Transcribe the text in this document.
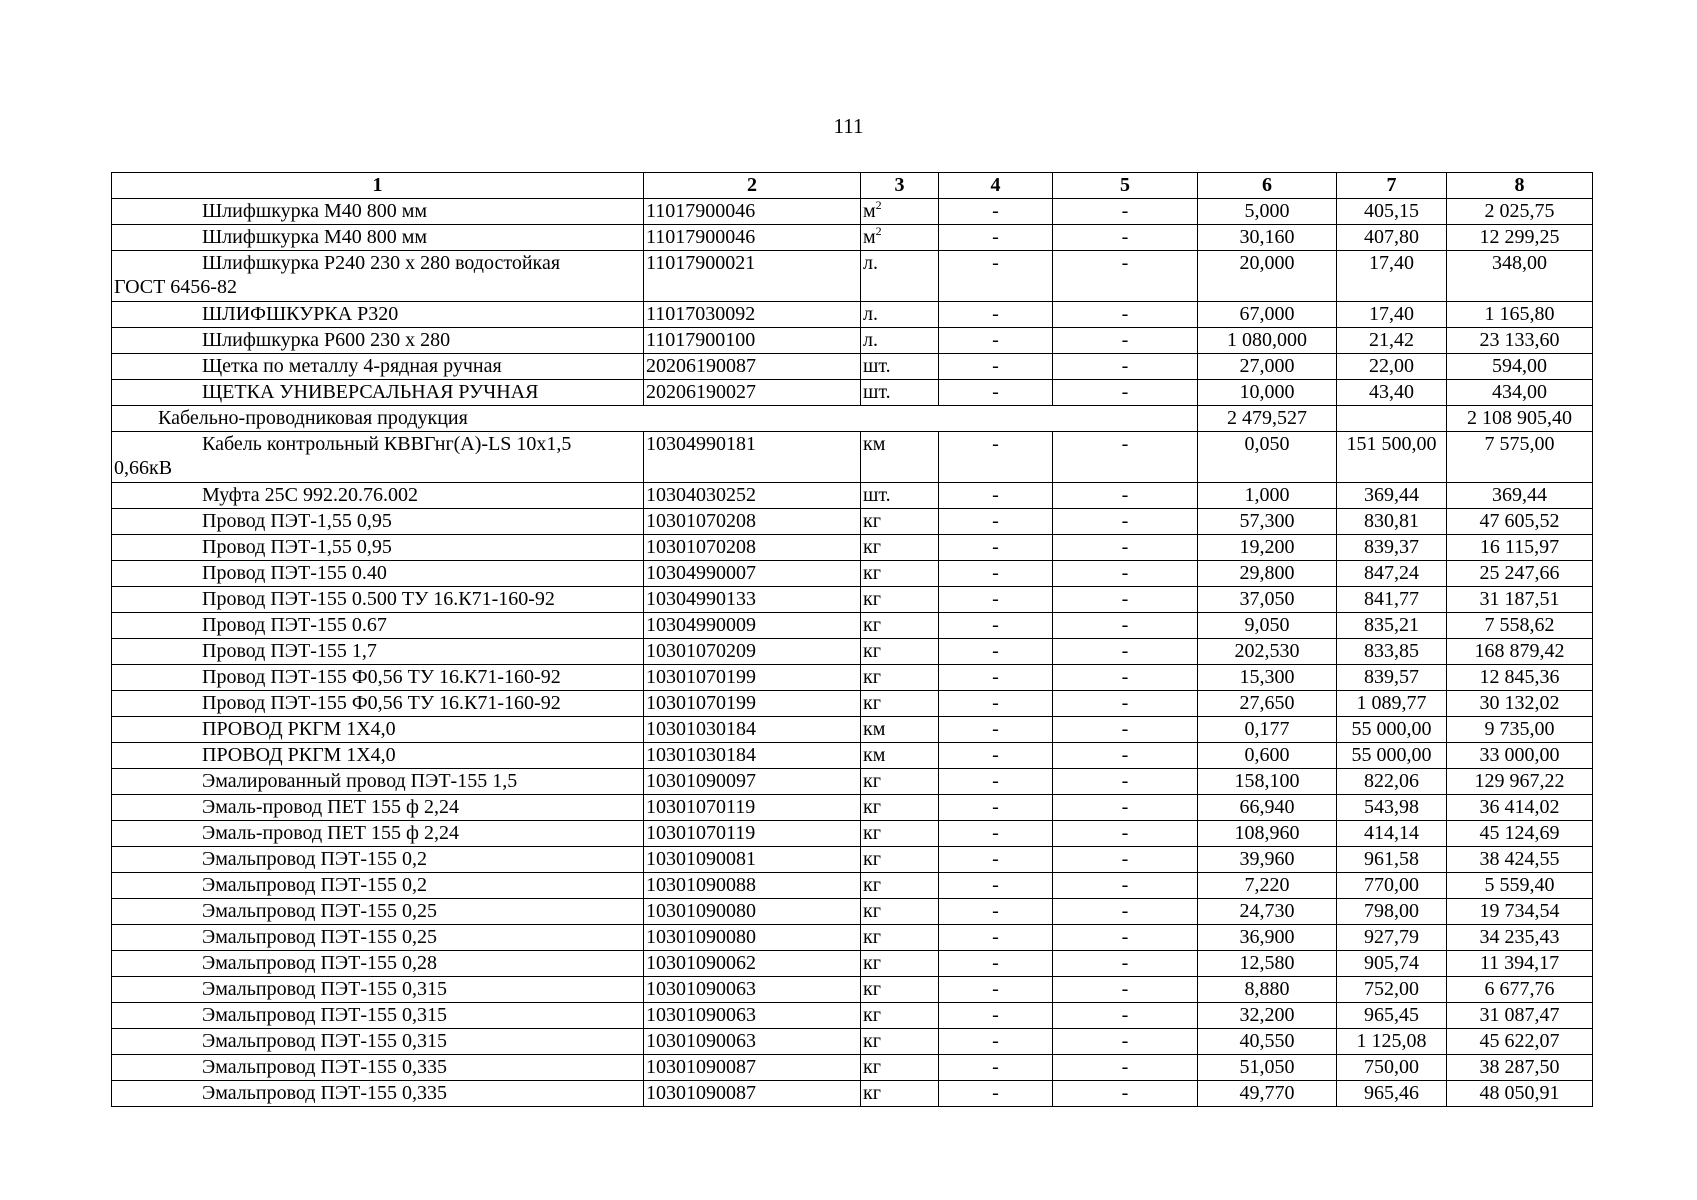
111
1	2	3	4	5	6	7	8
Шлифшкурка М40 800 мм	11017900046	$м^2$	-	-	5,000	405,15	2 025,75
Шлифшкурка М40 800 мм	11017900046	$м^2$	-	-	30,160	407,80	12 299,25
Шлифшкурка Р240 230 х 280 водостойкая
ГОСТ 6456-82	11017900021	л.	-	-	20,000	17,40	348,00
ШЛИФШКУРКА Р320	11017030092	л.	-	-	67,000	17,40	1 165,80
Шлифшкурка Р600 230 х 280	11017900100	л.	-	-	1 080,000	21,42	23 133,60
Щетка по металлу 4-рядная ручная	20206190087	шт.	-	-	27,000	22,00	594,00
ЩЕТКА УНИВЕРСАЛЬНАЯ РУЧНАЯ	20206190027	шт.	-	-	10,000	43,40	434,00
Кабельно-проводниковая продукция					2 479,527		2 108 905,40
Кабель контрольный КВВГнг(А)-LS 10х1,5
0,66кВ	10304990181	км	-	-	0,050	151 500,00	7 575,00
Муфта 25С 992.20.76.002	10304030252	шт.	-	-	1,000	369,44	369,44
Провод ПЭТ-1,55 0,95	10301070208	кг	-	-	57,300	830,81	47 605,52
Провод ПЭТ-1,55 0,95	10301070208	кг	-	-	19,200	839,37	16 115,97
Провод ПЭТ-155 0.40	10304990007	кг	-	-	29,800	847,24	25 247,66
Провод ПЭТ-155 0.500 ТУ 16.К71-160-92	10304990133	кг	-	-	37,050	841,77	31 187,51
Провод ПЭТ-155 0.67	10304990009	кг	-	-	9,050	835,21	7 558,62
Провод ПЭТ-155 1,7	10301070209	кг	-	-	202,530	833,85	168 879,42
Провод ПЭТ-155 Ф0,56 ТУ 16.К71-160-92	10301070199	кг	-	-	15,300	839,57	12 845,36
Провод ПЭТ-155 Ф0,56 ТУ 16.К71-160-92	10301070199	кг	-	-	27,650	1 089,77	30 132,02
ПРОВОД РКГМ 1Х4,0	10301030184	км	-	-	0,177	55 000,00	9 735,00
ПРОВОД РКГМ 1Х4,0	10301030184	км	-	-	0,600	55 000,00	33 000,00
Эмалированный провод ПЭТ-155 1,5	10301090097	кг	-	-	158,100	822,06	129 967,22
Эмаль-провод ПЕТ 155 ф 2,24	10301070119	кг	-	-	66,940	543,98	36 414,02
Эмаль-провод ПЕТ 155 ф 2,24	10301070119	кг	-	-	108,960	414,14	45 124,69
Эмальпровод ПЭТ-155 0,2	10301090081	кг	-	-	39,960	961,58	38 424,55
Эмальпровод ПЭТ-155 0,2	10301090088	кг	-	-	7,220	770,00	5 559,40
Эмальпровод ПЭТ-155 0,25	10301090080	кг	-	-	24,730	798,00	19 734,54
Эмальпровод ПЭТ-155 0,25	10301090080	кг	-	-	36,900	927,79	34 235,43
Эмальпровод ПЭТ-155 0,28	10301090062	кг	-	-	12,580	905,74	11 394,17
Эмальпровод ПЭТ-155 0,315	10301090063	кг	-	-	8,880	752,00	6 677,76
Эмальпровод ПЭТ-155 0,315	10301090063	кг	-	-	32,200	965,45	31 087,47
Эмальпровод ПЭТ-155 0,315	10301090063	кг	-	-	40,550	1 125,08	45 622,07
Эмальпровод ПЭТ-155 0,335	10301090087	кг	-	-	51,050	750,00	38 287,50
Эмальпровод ПЭТ-155 0,335	10301090087	кг	-	-	49,770	965,46	48 050,91
